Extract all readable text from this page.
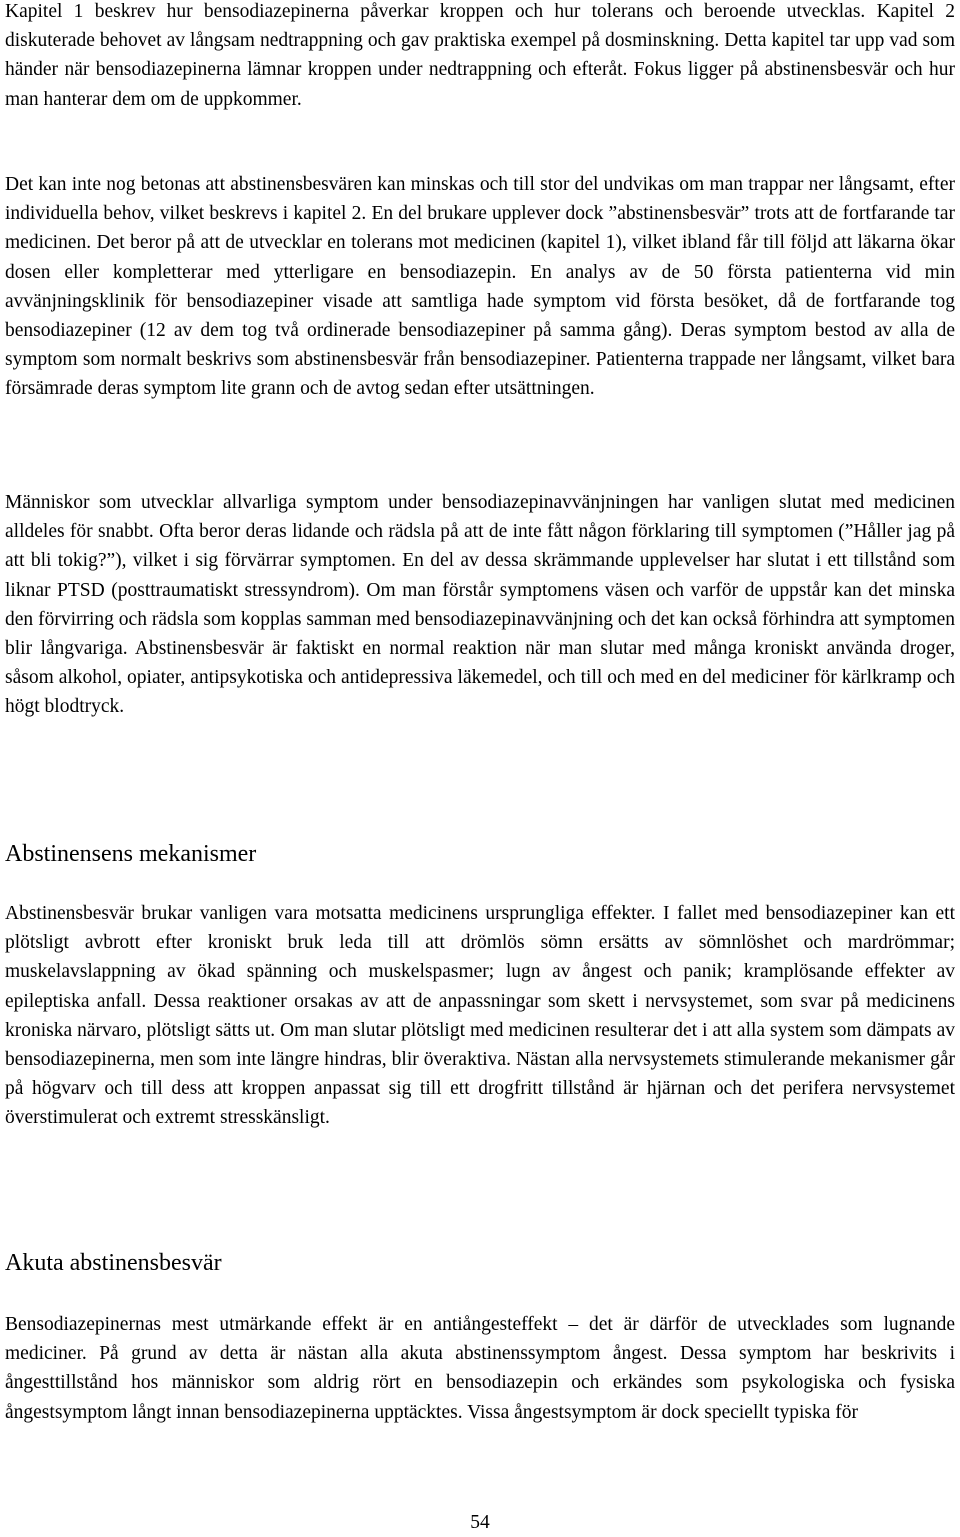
Kapitel 1 beskrev hur bensodiazepinerna påverkar kroppen och hur tolerans och beroende utvecklas. Kapitel 2 diskuterade behovet av långsam nedtrappning och gav praktiska exempel på dosminskning. Detta kapitel tar upp vad som händer när bensodiazepinerna lämnar kroppen under nedtrappning och efteråt. Fokus ligger på abstinensbesvär och hur man hanterar dem om de uppkommer.

Det kan inte nog betonas att abstinensbesvären kan minskas och till stor del undvikas om man trappar ner långsamt, efter individuella behov, vilket beskrevs i kapitel 2. En del brukare upplever dock ”abstinensbesvär” trots att de fortfarande tar medicinen. Det beror på att de utvecklar en tolerans mot medicinen (kapitel 1), vilket ibland får till följd att läkarna ökar dosen eller kompletterar med ytterligare en bensodiazepin. En analys av de 50 första patienterna vid min avvänjningsklinik för bensodiazepiner visade att samtliga hade symptom vid första besöket, då de fortfarande tog bensodiazepiner (12 av dem tog två ordinerade bensodiazepiner på samma gång). Deras symptom bestod av alla de symptom som normalt beskrivs som abstinensbesvär från bensodiazepiner. Patienterna trappade ner långsamt, vilket bara försämrade deras symptom lite grann och de avtog sedan efter utsättningen.

Människor som utvecklar allvarliga symptom under bensodiazepinavvänjningen har vanligen slutat med medicinen alldeles för snabbt. Ofta beror deras lidande och rädsla på att de inte fått någon förklaring till symptomen (”Håller jag på att bli tokig?”), vilket i sig förvärrar symptomen. En del av dessa skrämmande upplevelser har slutat i ett tillstånd som liknar PTSD (posttraumatiskt stressyndrom). Om man förstår symptomens väsen och varför de uppstår kan det minska den förvirring och rädsla som kopplas samman med bensodiazepinavvänjning och det kan också förhindra att symptomen blir långvariga. Abstinensbesvär är faktiskt en normal reaktion när man slutar med många kroniskt använda droger, såsom alkohol, opiater, antipsykotiska och antidepressiva läkemedel, och till och med en del mediciner för kärlkramp och högt blodtryck.

Abstinensens mekanismer

Abstinensbesvär brukar vanligen vara motsatta medicinens ursprungliga effekter. I fallet med bensodiazepiner kan ett plötsligt avbrott efter kroniskt bruk leda till att drömlös sömn ersätts av sömnlöshet och mardrömmar; muskelavslappning av ökad spänning och muskelspasmer; lugn av ångest och panik; kramplösande effekter av epileptiska anfall. Dessa reaktioner orsakas av att de anpassningar som skett i nervsystemet, som svar på medicinens kroniska närvaro, plötsligt sätts ut. Om man slutar plötsligt med medicinen resulterar det i att alla system som dämpats av bensodiazepinerna, men som inte längre hindras, blir överaktiva. Nästan alla nervsystemets stimulerande mekanismer går på högvarv och till dess att kroppen anpassat sig till ett drogfritt tillstånd är hjärnan och det perifera nervsystemet överstimulerat och extremt stresskänsligt.

Akuta abstinensbesvär

Bensodiazepinernas mest utmärkande effekt är en antiångesteffekt – det är därför de utvecklades som lugnande mediciner. På grund av detta är nästan alla akuta abstinenssymptom ångest. Dessa symptom har beskrivits i ångesttillstånd hos människor som aldrig rört en bensodiazepin och erkändes som psykologiska och fysiska ångestsymptom långt innan bensodiazepinerna upptäcktes. Vissa ångestsymptom är dock speciellt typiska för

54
